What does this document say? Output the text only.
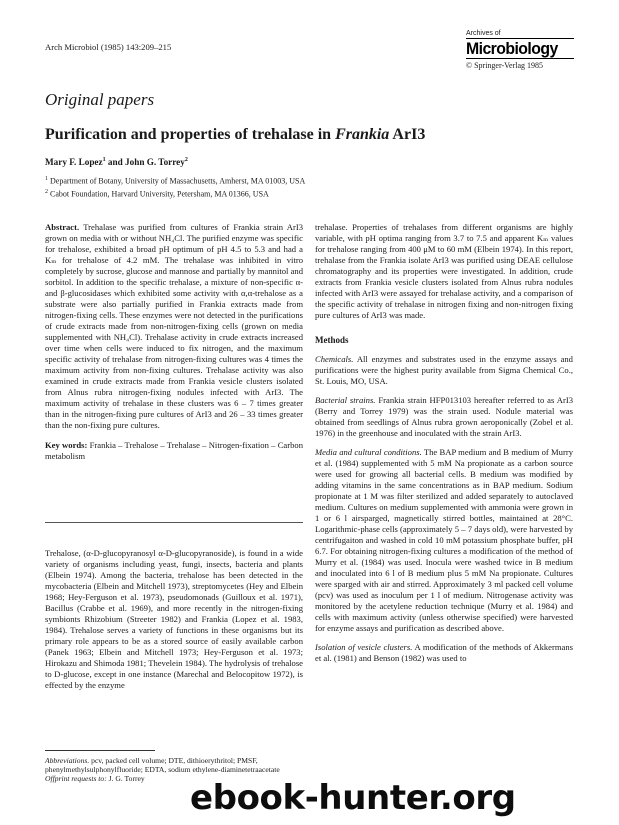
Arch Microbiol (1985) 143:209–215
Archives of
Microbiology
© Springer-Verlag 1985
Original papers
Purification and properties of trehalase in Frankia ArI3
Mary F. Lopez$^1$ and John G. Torrey$^2$
$^1$ Department of Botany, University of Massachusetts, Amherst, MA 01003, USA
$^2$ Cabot Foundation, Harvard University, Petersham, MA 01366, USA

Abstract. Trehalase was purified from cultures of Frankia strain ArI3 grown on media with or without NH₄Cl. The purified enzyme was specific for trehalose, exhibited a broad pH optimum of pH 4.5 to 5.3 and had a Kₘ for trehalose of 4.2 mM. The trehalase was inhibited in vitro completely by sucrose, glucose and mannose and partially by mannitol and sorbitol. In addition to the specific trehalase, a mixture of non-specific α- and β-glucosidases which exhibited some activity with α,α-trehalose as a substrate were also partially purified in Frankia extracts made from nitrogen-fixing cells. These enzymes were not detected in the purifications of crude extracts made from non-nitrogen-fixing cells (grown on media supplemented with NH₄Cl). Trehalase activity in crude extracts increased over time when cells were induced to fix nitrogen, and the maximum specific activity of trehalase from nitrogen-fixing cultures was 4 times the maximum activity from non-fixing cultures. Trehalase activity was also examined in crude extracts made from Frankia vesicle clusters isolated from Alnus rubra nitrogen-fixing nodules infected with ArI3. The maximum activity of trehalase in these clusters was 6 – 7 times greater than in the nitrogen-fixing pure cultures of ArI3 and 26 – 33 times greater than the non-fixing pure cultures.

Key words: Frankia – Trehalose – Trehalase – Nitrogen-fixation – Carbon metabolism

Trehalose, (α-D-glucopyranosyl α-D-glucopyranoside), is found in a wide variety of organisms including yeast, fungi, insects, bacteria and plants (Elbein 1974). Among the bacteria, trehalose has been detected in the mycobacteria (Elbein and Mitchell 1973), streptomycetes (Hey and Elbein 1968; Hey-Ferguson et al. 1973), pseudomonads (Guilloux et al. 1971), Bacillus (Crabbe et al. 1969), and more recently in the nitrogen-fixing symbionts Rhizobium (Streeter 1982) and Frankia (Lopez et al. 1983, 1984). Trehalose serves a variety of functions in these organisms but its primary role appears to be as a stored source of easily available carbon (Panek 1963; Elbein and Mitchell 1973; Hey-Ferguson et al. 1973; Hirokazu and Shimoda 1981; Thevelein 1984). The hydrolysis of trehalose to D-glucose, except in one instance (Marechal and Belocopitow 1972), is effected by the enzyme

Abbreviations. pcv, packed cell volume; DTE, dithioerythritol; PMSF, phenylmethylsulphonylfluoride; EDTA, sodium ethylene-diaminetetraacetate
Offprint requests to: J. G. Torrey

trehalase. Properties of trehalases from different organisms are highly variable, with pH optima ranging from 3.7 to 7.5 and apparent Kₘ values for trehalose ranging from 400 μM to 60 mM (Elbein 1974). In this report, trehalase from the Frankia isolate ArI3 was purified using DEAE cellulose chromatography and its properties were investigated. In addition, crude extracts from Frankia vesicle clusters isolated from Alnus rubra nodules infected with ArI3 were assayed for trehalase activity, and a comparison of the specific activity of trehalase in nitrogen fixing and non-nitrogen fixing pure cultures of ArI3 was made.

Methods

Chemicals. All enzymes and substrates used in the enzyme assays and purifications were the highest purity available from Sigma Chemical Co., St. Louis, MO, USA.

Bacterial strains. Frankia strain HFP013103 hereafter referred to as ArI3 (Berry and Torrey 1979) was the strain used. Nodule material was obtained from seedlings of Alnus rubra grown aeroponically (Zobel et al. 1976) in the greenhouse and inoculated with the strain ArI3.

Media and cultural conditions. The BAP medium and B medium of Murry et al. (1984) supplemented with 5 mM Na propionate as a carbon source were used for growing all bacterial cells. B medium was modified by adding vitamins in the same concentrations as in BAP medium. Sodium propionate at 1 M was filter sterilized and added separately to autoclaved medium. Cultures on medium supplemented with ammonia were grown in 1 or 6 l airsparged, magnetically stirred bottles, maintained at 28°C. Logarithmic-phase cells (approximately 5 – 7 days old), were harvested by centrifugaiton and washed in cold 10 mM potassium phosphate buffer, pH 6.7. For obtaining nitrogen-fixing cultures a modification of the method of Murry et al. (1984) was used. Inocula were washed twice in B medium and inoculated into 6 l of B medium plus 5 mM Na propionate. Cultures were sparged with air and stirred. Approximately 3 ml packed cell volume (pcv) was used as inoculum per 1 l of medium. Nitrogenase activity was monitored by the acetylene reduction technique (Murry et al. 1984) and cells with maximum activity (unless otherwise specified) were harvested for enzyme assays and purification as described above.

Isolation of vesicle clusters. A modification of the methods of Akkermans et al. (1981) and Benson (1982) was used to

ebook-hunter.org
